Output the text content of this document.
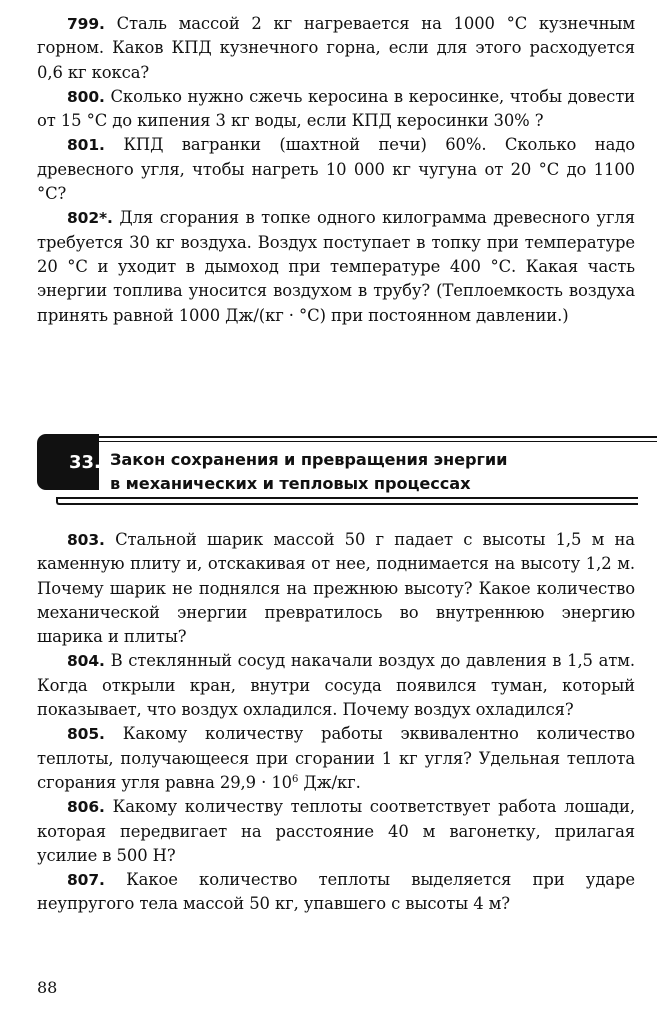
799. Сталь массой 2 кг нагревается на 1000 °С кузнечным горном. Каков КПД кузнечного горна, если для этого расходуется 0,6 кг кокса?

800. Сколько нужно сжечь керосина в керосинке, чтобы довести от 15 °С до кипения 3 кг воды, если КПД керосинки 30% ?

801. КПД вагранки (шахтной печи) 60%. Сколько надо древесного угля, чтобы нагреть 10 000 кг чугуна от 20 °С до 1100 °С?

802*. Для сгорания в топке одного килограмма древесного угля требуется 30 кг воздуха. Воздух поступает в топку при температуре 20 °С и уходит в дымоход при температуре 400 °С. Какая часть энергии топлива уносится воздухом в трубу? (Теплоемкость воздуха принять равной 1000 Дж/(кг · °С) при постоянном давлении.)

33. Закон сохранения и превращения энергии
в механических и тепловых процессах

803. Стальной шарик массой 50 г падает с высоты 1,5 м на каменную плиту и, отскакивая от нее, поднимается на высоту 1,2 м. Почему шарик не поднялся на прежнюю высоту? Какое количество механической энергии превратилось во внутреннюю энергию шарика и плиты?

804. В стеклянный сосуд накачали воздух до давления в 1,5 атм. Когда открыли кран, внутри сосуда появился туман, который показывает, что воздух охладился. Почему воздух охладился?

805. Какому количеству работы эквивалентно количество теплоты, получающееся при сгорании 1 кг угля? Удельная теплота сгорания угля равна $29,9 \cdot 10^6$ Дж/кг.

806. Какому количеству теплоты соответствует работа лошади, которая передвигает на расстояние 40 м вагонетку, прилагая усилие в 500 Н?

807. Какое количество теплоты выделяется при ударе неупругого тела массой 50 кг, упавшего с высоты 4 м?

88
